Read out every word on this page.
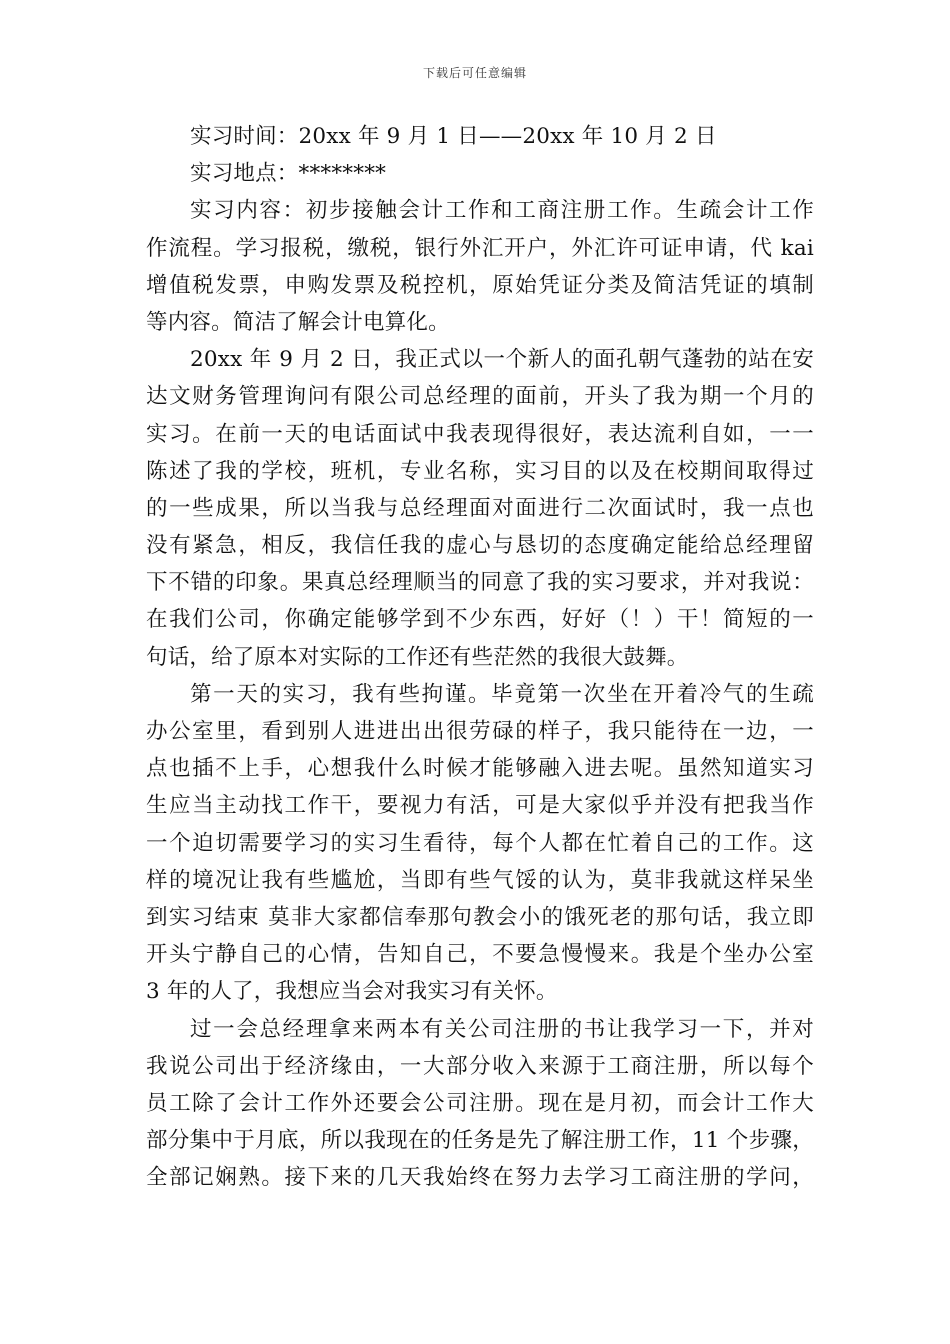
下载后可任意编辑
实习时间：20xx 年 9 月 1 日——20xx 年 10 月 2 日
实习地点：********
实习内容：初步接触会计工作和工商注册工作。生疏会计工作
作流程。学习报税，缴税，银行外汇开户，外汇许可证申请，代 kai
增值税发票，申购发票及税控机，原始凭证分类及简洁凭证的填制
等内容。简洁了解会计电算化。
20xx 年 9 月 2 日，我正式以一个新人的面孔朝气蓬勃的站在安
达文财务管理询问有限公司总经理的面前，开头了我为期一个月的
实习。在前一天的电话面试中我表现得很好，表达流利自如，一一
陈述了我的学校，班机，专业名称，实习目的以及在校期间取得过
的一些成果，所以当我与总经理面对面进行二次面试时，我一点也
没有紧急，相反，我信任我的虚心与恳切的态度确定能给总经理留
下不错的印象。果真总经理顺当的同意了我的实习要求，并对我说：
在我们公司，你确定能够学到不少东西，好好（！）干！简短的一
句话，给了原本对实际的工作还有些茫然的我很大鼓舞。
第一天的实习，我有些拘谨。毕竟第一次坐在开着冷气的生疏
办公室里，看到别人进进出出很劳碌的样子，我只能待在一边，一
点也插不上手，心想我什么时候才能够融入进去呢。虽然知道实习
生应当主动找工作干，要视力有活，可是大家似乎并没有把我当作
一个迫切需要学习的实习生看待，每个人都在忙着自己的工作。这
样的境况让我有些尴尬，当即有些气馁的认为，莫非我就这样呆坐
到实习结束 莫非大家都信奉那句教会小的饿死老的那句话，我立即
开头宁静自己的心情，告知自己，不要急慢慢来。我是个坐办公室
3 年的人了，我想应当会对我实习有关怀。
过一会总经理拿来两本有关公司注册的书让我学习一下，并对
我说公司出于经济缘由，一大部分收入来源于工商注册，所以每个
员工除了会计工作外还要会公司注册。现在是月初，而会计工作大
部分集中于月底，所以我现在的任务是先了解注册工作，11 个步骤，
全部记娴熟。接下来的几天我始终在努力去学习工商注册的学问，
